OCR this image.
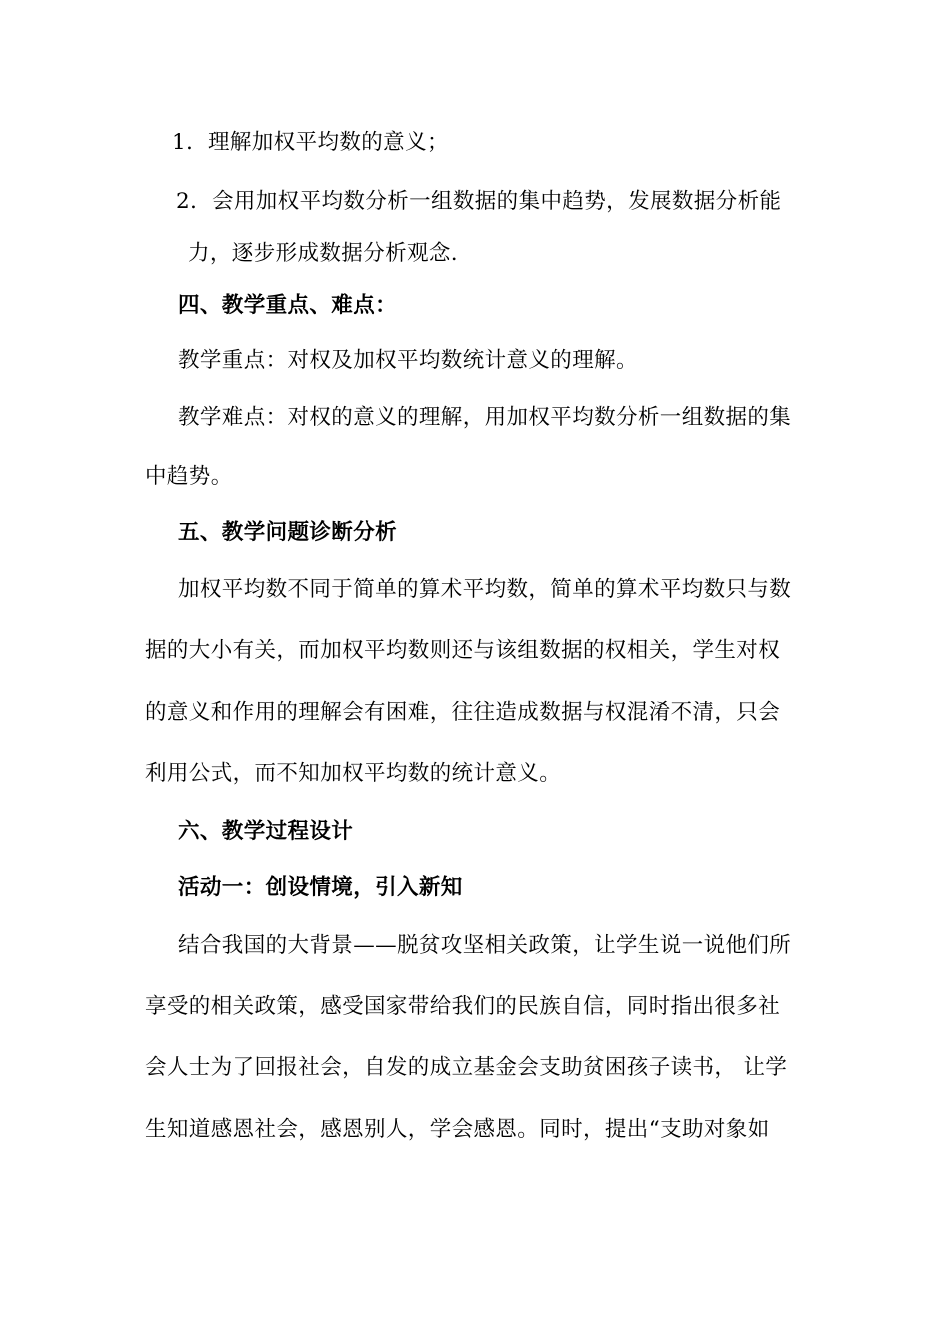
1．理解加权平均数的意义；
2．会用加权平均数分析一组数据的集中趋势，发展数据分析能
力，逐步形成数据分析观念.
四、教学重点、难点：
教学重点：对权及加权平均数统计意义的理解。
教学难点：对权的意义的理解，用加权平均数分析一组数据的集
中趋势。
五、教学问题诊断分析
加权平均数不同于简单的算术平均数，简单的算术平均数只与数
据的大小有关，而加权平均数则还与该组数据的权相关，学生对权
的意义和作用的理解会有困难，往往造成数据与权混淆不清，只会
利用公式，而不知加权平均数的统计意义。
六、教学过程设计
活动一：创设情境，引入新知
结合我国的大背景——脱贫攻坚相关政策，让学生说一说他们所
享受的相关政策，感受国家带给我们的民族自信，同时指出很多社
会人士为了回报社会，自发的成立基金会支助贫困孩子读书， 让学
生知道感恩社会，感恩别人，学会感恩。同时，提出“支助对象如
